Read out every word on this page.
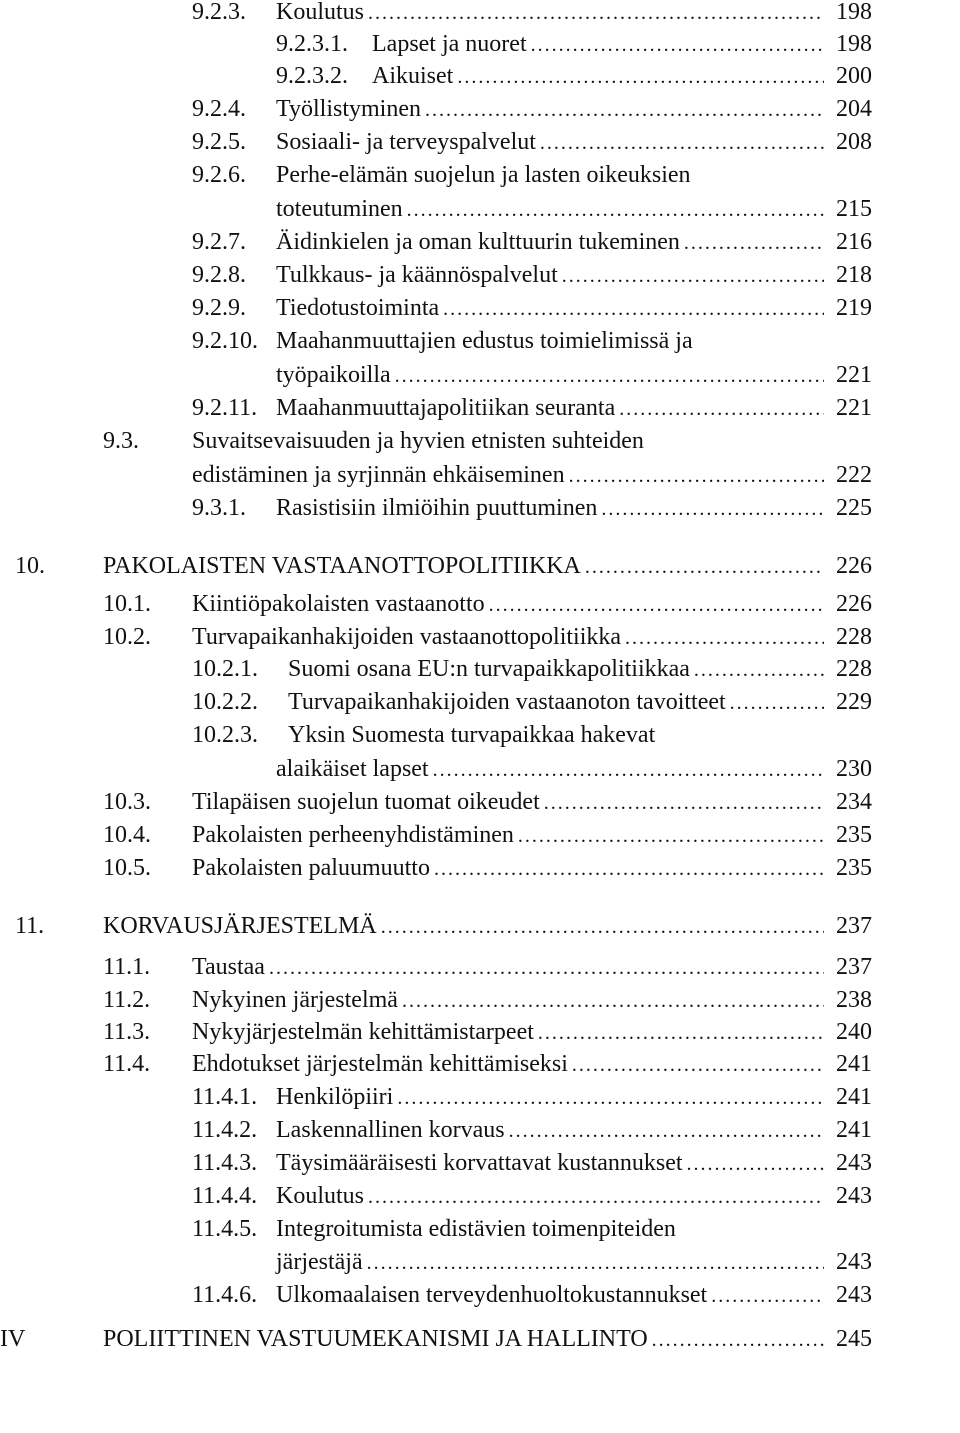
9.2.3. Koulutus .....	198
9.2.3.1. Lapset ja nuoret .....	198
9.2.3.2. Aikuiset .....	200
9.2.4. Työllistyminen .....	204
9.2.5. Sosiaali- ja terveyspalvelut .....	208
9.2.6. Perhe-elämän suojelun ja lasten oikeuksien
toteutuminen .....	215
9.2.7. Äidinkielen ja oman kulttuurin tukeminen .....	216
9.2.8. Tulkkaus- ja käännöspalvelut .....	218
9.2.9. Tiedotustoiminta .....	219
9.2.10. Maahanmuuttajien edustus toimielimissä ja
työpaikoilla .....	221
9.2.11. Maahanmuuttajapolitiikan seuranta .....	221
9.3. Suvaitsevaisuuden ja hyvien etnisten suhteiden
edistäminen ja syrjinnän ehkäiseminen .....	222
9.3.1. Rasistisiin ilmiöihin puuttuminen .....	225
10. PAKOLAISTEN VASTAANOTTOPOLITIIKKA .....	226
10.1. Kiintiöpakolaisten vastaanotto .....	226
10.2. Turvapaikanhakijoiden vastaanottopolitiikka .....	228
10.2.1. Suomi osana EU:n turvapaikkapolitiikkaa .....	228
10.2.2. Turvapaikanhakijoiden vastaanoton tavoitteet .....	229
10.2.3. Yksin Suomesta turvapaikkaa hakevat
alaikäiset lapset .....	230
10.3. Tilapäisen suojelun tuomat oikeudet .....	234
10.4. Pakolaisten perheenyhdistäminen .....	235
10.5. Pakolaisten paluumuutto .....	235
11. KORVAUSJÄRJESTELMÄ .....	237
11.1. Taustaa .....	237
11.2. Nykyinen järjestelmä .....	238
11.3. Nykyjärjestelmän kehittämistarpeet .....	240
11.4. Ehdotukset järjestelmän kehittämiseksi .....	241
11.4.1. Henkilöpiiri .....	241
11.4.2. Laskennallinen korvaus .....	241
11.4.3. Täysimääräisesti korvattavat kustannukset .....	243
11.4.4. Koulutus .....	243
11.4.5. Integroitumista edistävien toimenpiteiden
järjestäjä .....	243
11.4.6. Ulkomaalaisen terveydenhuoltokustannukset .....	243
IV	POLIITTINEN VASTUUMEKANISMI JA HALLINTO .....	245
